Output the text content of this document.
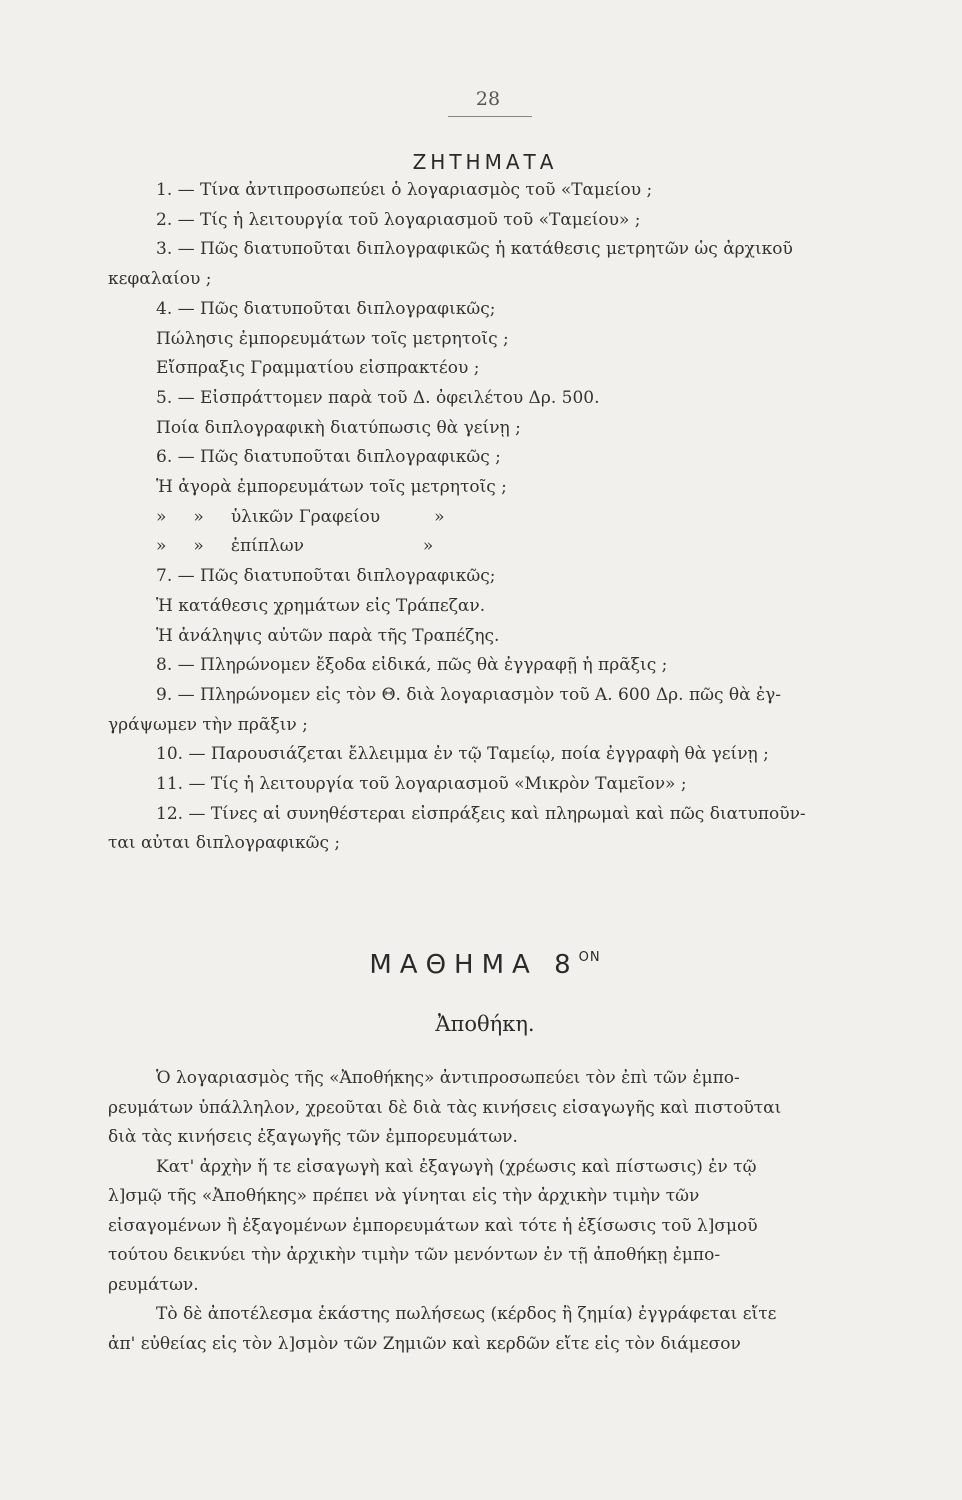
28
ΖΗΤΗΜΑΤΑ
1. — Τίνα ἀντιπροσωπεύει ὁ λογαριασμὸς τοῦ «Ταμείου ;
2. — Τίς ἡ λειτουργία τοῦ λογαριασμοῦ τοῦ «Ταμείου» ;
3. — Πῶς διατυποῦται διπλογραφικῶς ἡ κατάθεσις μετρητῶν ὡς ἀρχικοῦ
κεφαλαίου ;
4. — Πῶς διατυποῦται διπλογραφικῶς;
Πώλησις ἐμπορευμάτων τοῖς μετρητοῖς ;
Εἴσπραξις Γραμματίου εἰσπρακτέου ;
5. — Εἰσπράττομεν παρὰ τοῦ Δ. ὀφειλέτου Δρ. 500.
Ποία διπλογραφικὴ διατύπωσις θὰ γείνῃ ;
6. — Πῶς διατυποῦται διπλογραφικῶς ;
Ἡ ἀγορὰ ἐμπορευμάτων τοῖς μετρητοῖς ;
»     »     ὑλικῶν Γραφείου          »
»     »     ἐπίπλων                      »
7. — Πῶς διατυποῦται διπλογραφικῶς;
Ἡ κατάθεσις χρημάτων εἰς Τράπεζαν.
Ἡ ἀνάληψις αὐτῶν παρὰ τῆς Τραπέζης.
8. — Πληρώνομεν ἔξοδα εἰδικά, πῶς θὰ ἐγγραφῇ ἡ πρᾶξις ;
9. — Πληρώνομεν εἰς τὸν Θ. διὰ λογαριασμὸν τοῦ Α. 600 Δρ. πῶς θὰ ἐγ-
γράψωμεν τὴν πρᾶξιν ;
10. — Παρουσιάζεται ἔλλειμμα ἐν τῷ Ταμείῳ, ποία ἐγγραφὴ θὰ γείνῃ ;
11. — Τίς ἡ λειτουργία τοῦ λογαριασμοῦ «Μικρὸν Ταμεῖον» ;
12. — Τίνες αἱ συνηθέστεραι εἰσπράξεις καὶ πληρωμαὶ καὶ πῶς διατυποῦν-
ται αὐται διπλογραφικῶς ;
ΜΑΘΗΜΑ $8^{ON}$
Ἀποθήκη.
Ὁ λογαριασμὸς τῆς «Ἀποθήκης» ἀντιπροσωπεύει τὸν ἐπὶ τῶν ἐμπο-
ρευμάτων ὑπάλληλον, χρεοῦται δὲ διὰ τὰς κινήσεις εἰσαγωγῆς καὶ πιστοῦται
διὰ τὰς κινήσεις ἐξαγωγῆς τῶν ἐμπορευμάτων.
Κατ' ἀρχὴν ἥ τε εἰσαγωγὴ καὶ ἐξαγωγὴ (χρέωσις καὶ πίστωσις) ἐν τῷ
λ]σμῷ τῆς «Ἀποθήκης» πρέπει νὰ γίνηται εἰς τὴν ἀρχικὴν τιμὴν τῶν
εἰσαγομένων ἢ ἐξαγομένων ἐμπορευμάτων καὶ τότε ἡ ἐξίσωσις τοῦ λ]σμοῦ
τούτου δεικνύει τὴν ἀρχικὴν τιμὴν τῶν μενόντων ἐν τῇ ἀποθήκῃ ἐμπο-
ρευμάτων.
Τὸ δὲ ἀποτέλεσμα ἑκάστης πωλήσεως (κέρδος ἢ ζημία) ἐγγράφεται εἴτε
ἀπ' εὐθείας εἰς τὸν λ]σμὸν τῶν Ζημιῶν καὶ κερδῶν εἴτε εἰς τὸν διάμεσον
